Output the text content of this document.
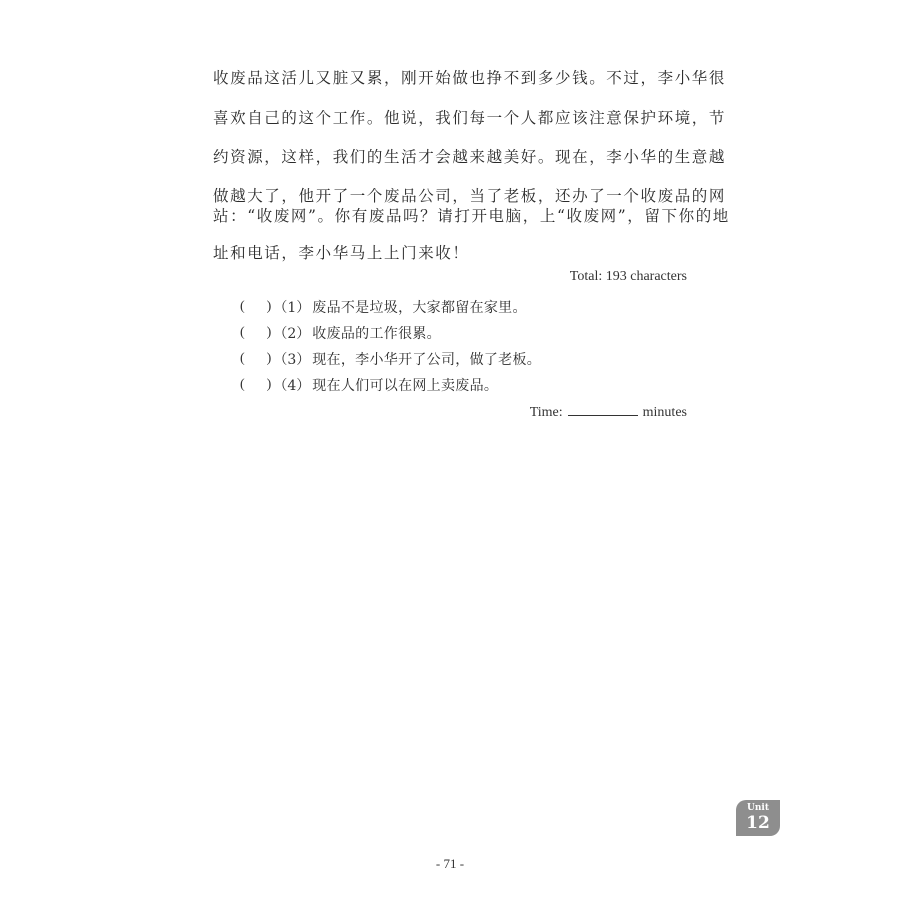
收废品这活儿又脏又累，刚开始做也挣不到多少钱。不过，李小华很
喜欢自己的这个工作。他说，我们每一个人都应该注意保护环境，节
约资源，这样，我们的生活才会越来越美好。现在，李小华的生意越
做越大了，他开了一个废品公司，当了老板，还办了一个收废品的网
站：“收废网”。你有废品吗？请打开电脑，上“收废网”，留下你的地
址和电话，李小华马上上门来收！
Total: 193 characters
( ) （1） 废品不是垃圾，大家都留在家里。
( ) （2） 收废品的工作很累。
( ) （3） 现在，李小华开了公司，做了老板。
( ) （4） 现在人们可以在网上卖废品。
Time:	minutes
Unit
12
- 71 -
